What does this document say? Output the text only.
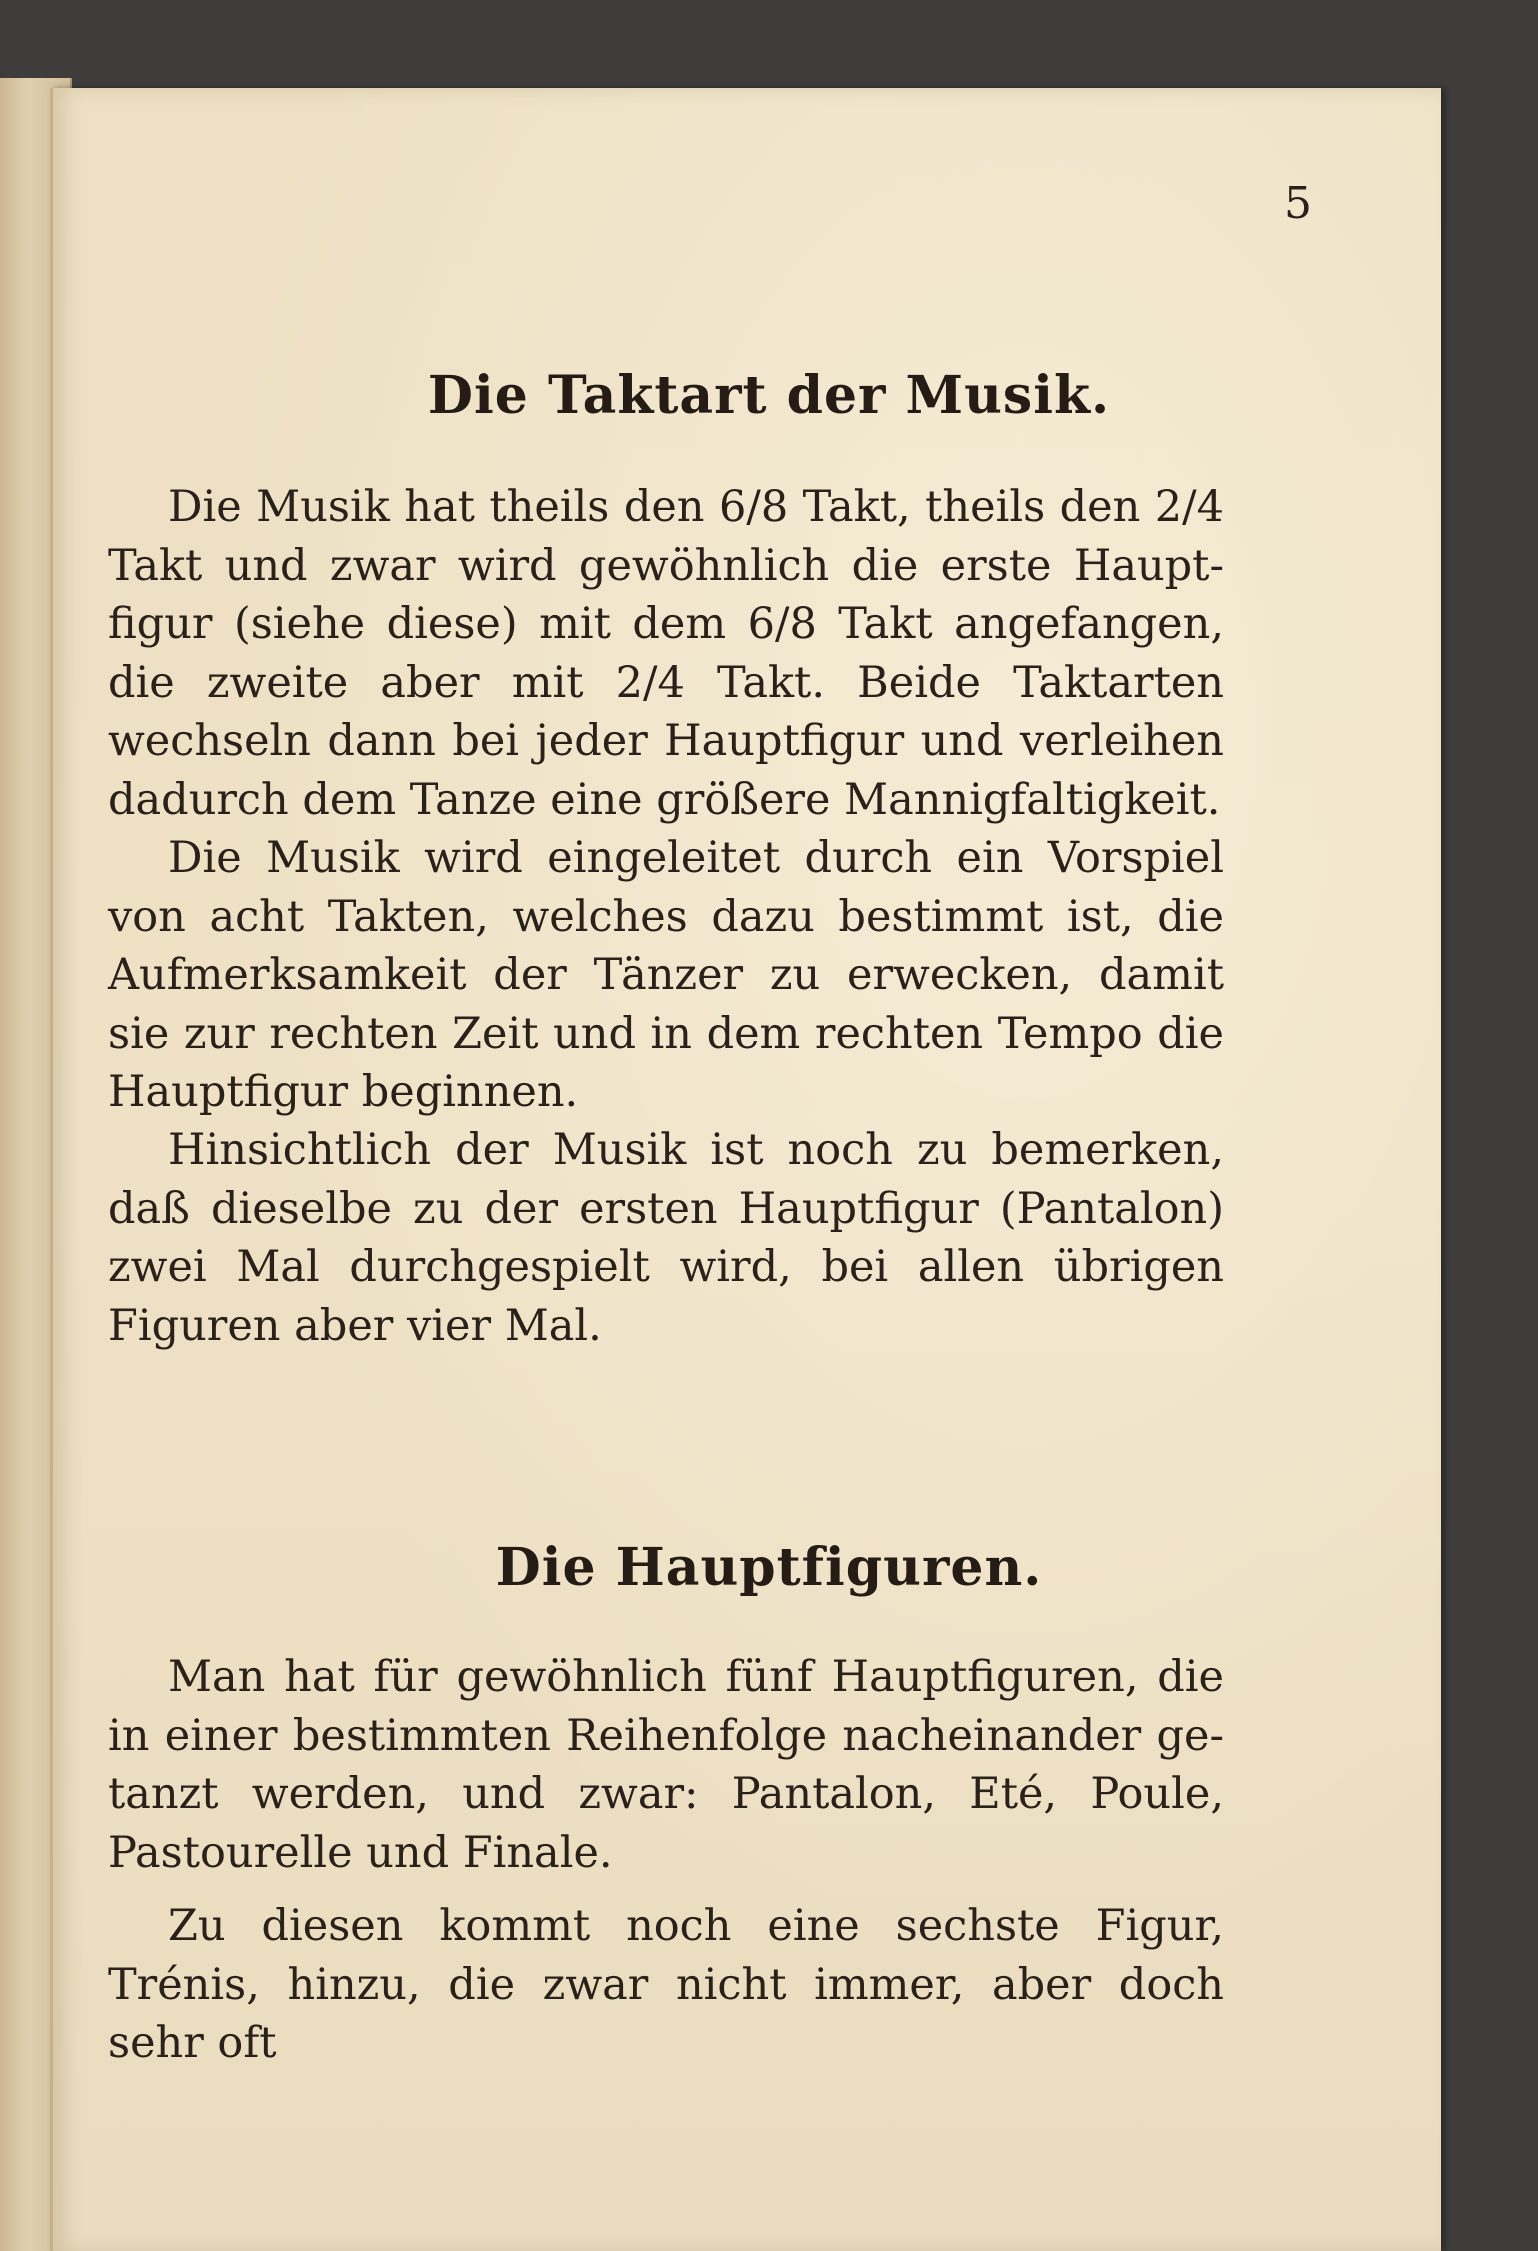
5
Die Taktart der Musik.

Die Musik hat theils den 6/8 Takt, theils den 2/4 Takt und zwar wird gewöhnlich die erste Haupt-figur (siehe diese) mit dem 6/8 Takt angefangen, die zweite aber mit 2/4 Takt. Beide Taktarten wechseln dann bei jeder Hauptfigur und verleihen dadurch dem Tanze eine größere Mannigfaltigkeit.

Die Musik wird eingeleitet durch ein Vorspiel von acht Takten, welches dazu bestimmt ist, die Aufmerksamkeit der Tänzer zu erwecken, damit sie zur rechten Zeit und in dem rechten Tempo die Hauptfigur beginnen.

Hinsichtlich der Musik ist noch zu bemerken, daß dieselbe zu der ersten Hauptfigur (Pantalon) zwei Mal durchgespielt wird, bei allen übrigen Figuren aber vier Mal.

Die Hauptfiguren.

Man hat für gewöhnlich fünf Hauptfiguren, die in einer bestimmten Reihenfolge nacheinander ge-tanzt werden, und zwar: Pantalon, Eté, Poule, Pastourelle und Finale.

Zu diesen kommt noch eine sechste Figur, Trénis, hinzu, die zwar nicht immer, aber doch sehr oft
